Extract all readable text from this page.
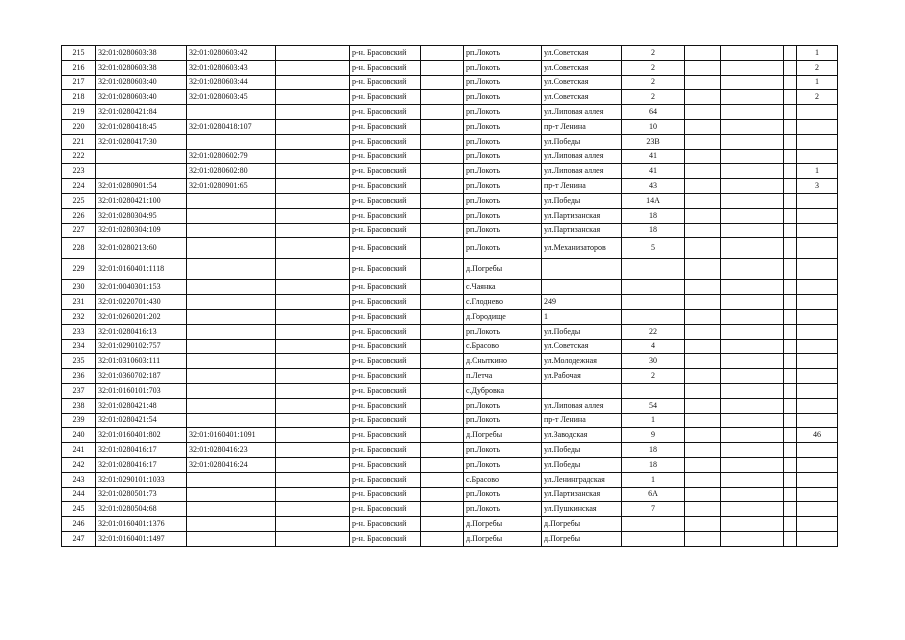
215	32:01:0280603:38	32:01:0280603:42		р-н. Брасовский		рп.Локоть	ул.Советская	2				1
216	32:01:0280603:38	32:01:0280603:43		р-н. Брасовский		рп.Локоть	ул.Советская	2				2
217	32:01:0280603:40	32:01:0280603:44		р-н. Брасовский		рп.Локоть	ул.Советская	2				1
218	32:01:0280603:40	32:01:0280603:45		р-н. Брасовский		рп.Локоть	ул.Советская	2				2
219	32:01:0280421:84			р-н. Брасовский		рп.Локоть	ул.Липовая аллея	64				
220	32:01:0280418:45	32:01:0280418:107		р-н. Брасовский		рп.Локоть	пр-т Ленина	10				
221	32:01:0280417:30			р-н. Брасовский		рп.Локоть	ул.Победы	23В				
222		32:01:0280602:79		р-н. Брасовский		рп.Локоть	ул.Липовая аллея	41				
223		32:01:0280602:80		р-н. Брасовский		рп.Локоть	ул.Липовая аллея	41				1
224	32:01:0280901:54	32:01:0280901:65		р-н. Брасовский		рп.Локоть	пр-т Ленина	43				3
225	32:01:0280421:100			р-н. Брасовский		рп.Локоть	ул.Победы	14А				
226	32:01:0280304:95			р-н. Брасовский		рп.Локоть	ул.Партизанская	18				
227	32:01:0280304:109			р-н. Брасовский		рп.Локоть	ул.Партизанская	18				
228	32:01:0280213:60			р-н. Брасовский		рп.Локоть	ул.Механизаторов	5				
229	32:01:0160401:1118			р-н. Брасовский		д.Погребы						
230	32:01:0040301:153			р-н. Брасовский		с.Чаянка						
231	32:01:0220701:430			р-н. Брасовский		с.Глоднево	249					
232	32:01:0260201:202			р-н. Брасовский		д.Городище	1					
233	32:01:0280416:13			р-н. Брасовский		рп.Локоть	ул.Победы	22				
234	32:01:0290102:757			р-н. Брасовский		с.Брасово	ул.Советская	4				
235	32:01:0310603:111			р-н. Брасовский		д.Сныткино	ул.Молодежная	30				
236	32:01:0360702:187			р-н. Брасовский		п.Летча	ул.Рабочая	2				
237	32:01:0160101:703			р-н. Брасовский		с.Дубровка						
238	32:01:0280421:48			р-н. Брасовский		рп.Локоть	ул.Липовая аллея	54				
239	32:01:0280421:54			р-н. Брасовский		рп.Локоть	пр-т Ленина	1				
240	32:01:0160401:802	32:01:0160401:1091		р-н. Брасовский		д.Погребы	ул.Заводская	9				46
241	32:01:0280416:17	32:01:0280416:23		р-н. Брасовский		рп.Локоть	ул.Победы	18				
242	32:01:0280416:17	32:01:0280416:24		р-н. Брасовский		рп.Локоть	ул.Победы	18				
243	32:01:0290101:1033			р-н. Брасовский		с.Брасово	ул.Ленинградская	1				
244	32:01:0280501:73			р-н. Брасовский		рп.Локоть	ул.Партизанская	6А				
245	32:01:0280504:68			р-н. Брасовский		рп.Локоть	ул.Пушкинская	7				
246	32:01:0160401:1376			р-н. Брасовский		д.Погребы	д.Погребы					
247	32:01:0160401:1497			р-н. Брасовский		д.Погребы	д.Погребы					
